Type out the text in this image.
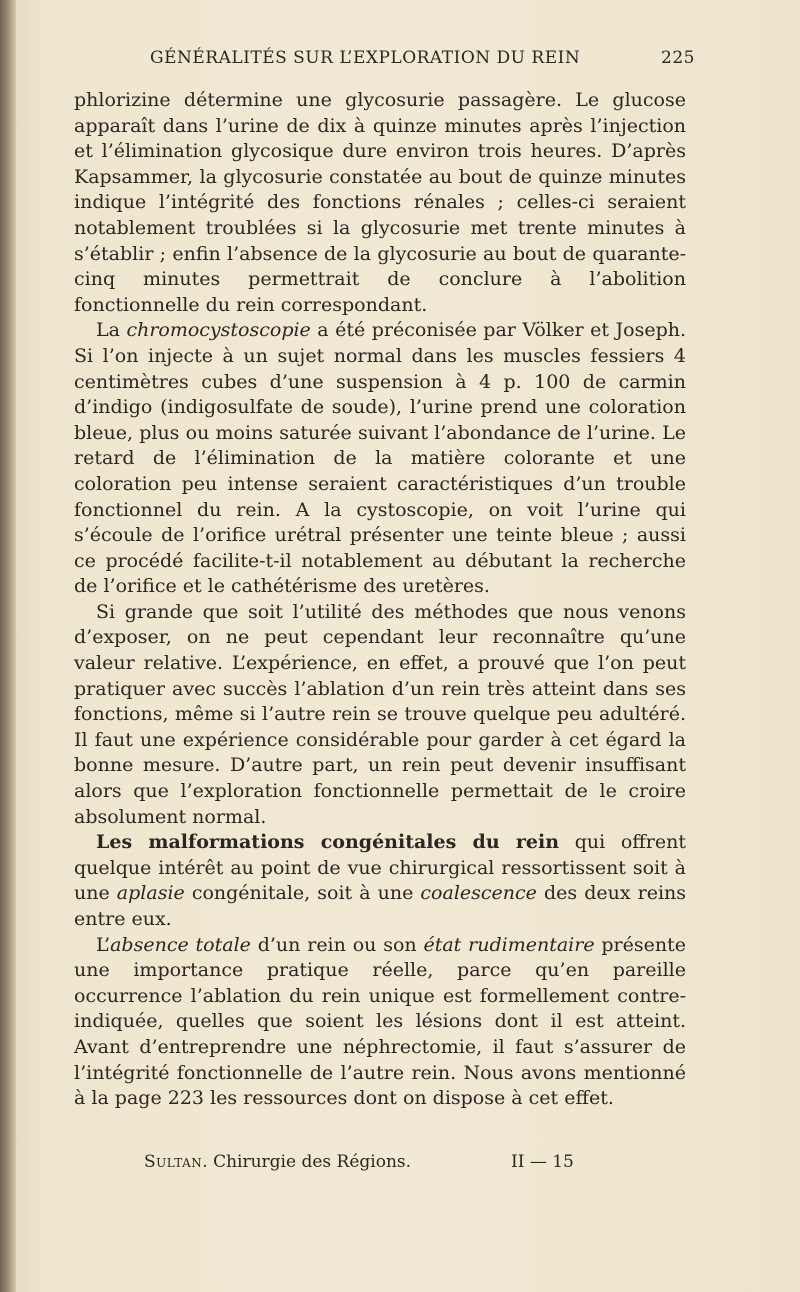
GÉNÉRALITÉS SUR L’EXPLORATION DU REIN	225

phlorizine détermine une glycosurie passagère. Le glucose apparaît dans l’urine de dix à quinze minutes après l’injection et l’élimination glycosique dure environ trois heures. D’après Kapsammer, la glycosurie constatée au bout de quinze minutes indique l’intégrité des fonctions rénales ; celles-ci seraient notablement troublées si la glycosurie met trente minutes à s’établir ; enfin l’absence de la glycosurie au bout de quarante-cinq minutes permettrait de conclure à l’abolition fonctionnelle du rein correspondant.

La chromocystoscopie a été préconisée par Völker et Joseph. Si l’on injecte à un sujet normal dans les muscles fessiers 4 centimètres cubes d’une suspension à 4 p. 100 de carmin d’indigo (indigosulfate de soude), l’urine prend une coloration bleue, plus ou moins saturée suivant l’abondance de l’urine. Le retard de l’élimination de la matière colorante et une coloration peu intense seraient caractéristiques d’un trouble fonctionnel du rein. A la cystoscopie, on voit l’urine qui s’écoule de l’orifice urétral présenter une teinte bleue ; aussi ce procédé facilite-t-il notablement au débutant la recherche de l’orifice et le cathétérisme des uretères.

Si grande que soit l’utilité des méthodes que nous venons d’exposer, on ne peut cependant leur reconnaître qu’une valeur relative. L’expérience, en effet, a prouvé que l’on peut pratiquer avec succès l’ablation d’un rein très atteint dans ses fonctions, même si l’autre rein se trouve quelque peu adultéré. Il faut une expérience considérable pour garder à cet égard la bonne mesure. D’autre part, un rein peut devenir insuffisant alors que l’exploration fonctionnelle permettait de le croire absolument normal.

Les malformations congénitales du rein qui offrent quelque intérêt au point de vue chirurgical ressortissent soit à une aplasie congénitale, soit à une coalescence des deux reins entre eux.

L’absence totale d’un rein ou son état rudimentaire présente une importance pratique réelle, parce qu’en pareille occurrence l’ablation du rein unique est formellement contre-indiquée, quelles que soient les lésions dont il est atteint. Avant d’entreprendre une néphrectomie, il faut s’assurer de l’intégrité fonctionnelle de l’autre rein. Nous avons mentionné à la page 223 les ressources dont on dispose à cet effet.

Sultan. Chirurgie des Régions.	II — 15
